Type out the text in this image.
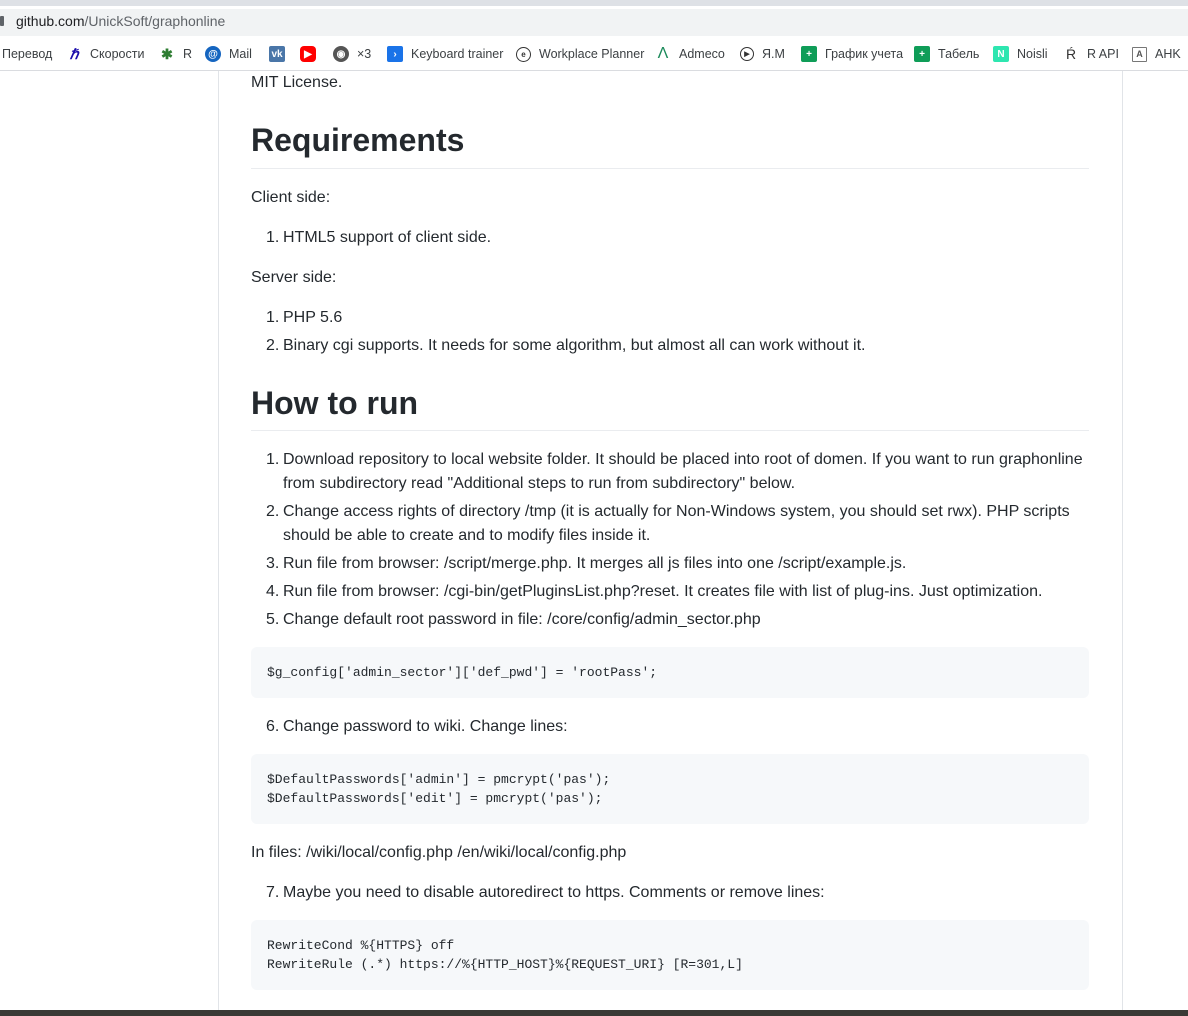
github.com/UnickSoft/graphonline
Перевод ℏ Скорости ✱ R	@ Mail vk	▶	◉ ×3	›	Keyboard trainer	e	Workplace Planner Λ Admeco	▶ Я.М	+	График учета	+	Табель	N Noisli Ŕ R API	A AHK
MIT License.
Requirements
Client side:
1. HTML5 support of client side.
Server side:
1. PHP 5.6
2. Binary cgi supports. It needs for some algorithm, but almost all can work without it.
How to run
1. Download repository to local website folder. It should be placed into root of domen. If you want to run graphonline from subdirectory read "Additional steps to run from subdirectory" below.
2. Change access rights of directory /tmp (it is actually for Non-Windows system, you should set rwx). PHP scripts should be able to create and to modify files inside it.
3. Run file from browser: /script/merge.php. It merges all js files into one /script/example.js.
4. Run file from browser: /cgi-bin/getPluginsList.php?reset. It creates file with list of plug-ins. Just optimization.
5. Change default root password in file: /core/config/admin_sector.php
$g_config['admin_sector']['def_pwd'] = 'rootPass';
6. Change password to wiki. Change lines:
$DefaultPasswords['admin'] = pmcrypt('pas');
$DefaultPasswords['edit'] = pmcrypt('pas');
In files: /wiki/local/config.php /en/wiki/local/config.php
7. Maybe you need to disable autoredirect to https. Comments or remove lines:
RewriteCond %{HTTPS} off
RewriteRule (.*) https://%{HTTP_HOST}%{REQUEST_URI} [R=301,L]
